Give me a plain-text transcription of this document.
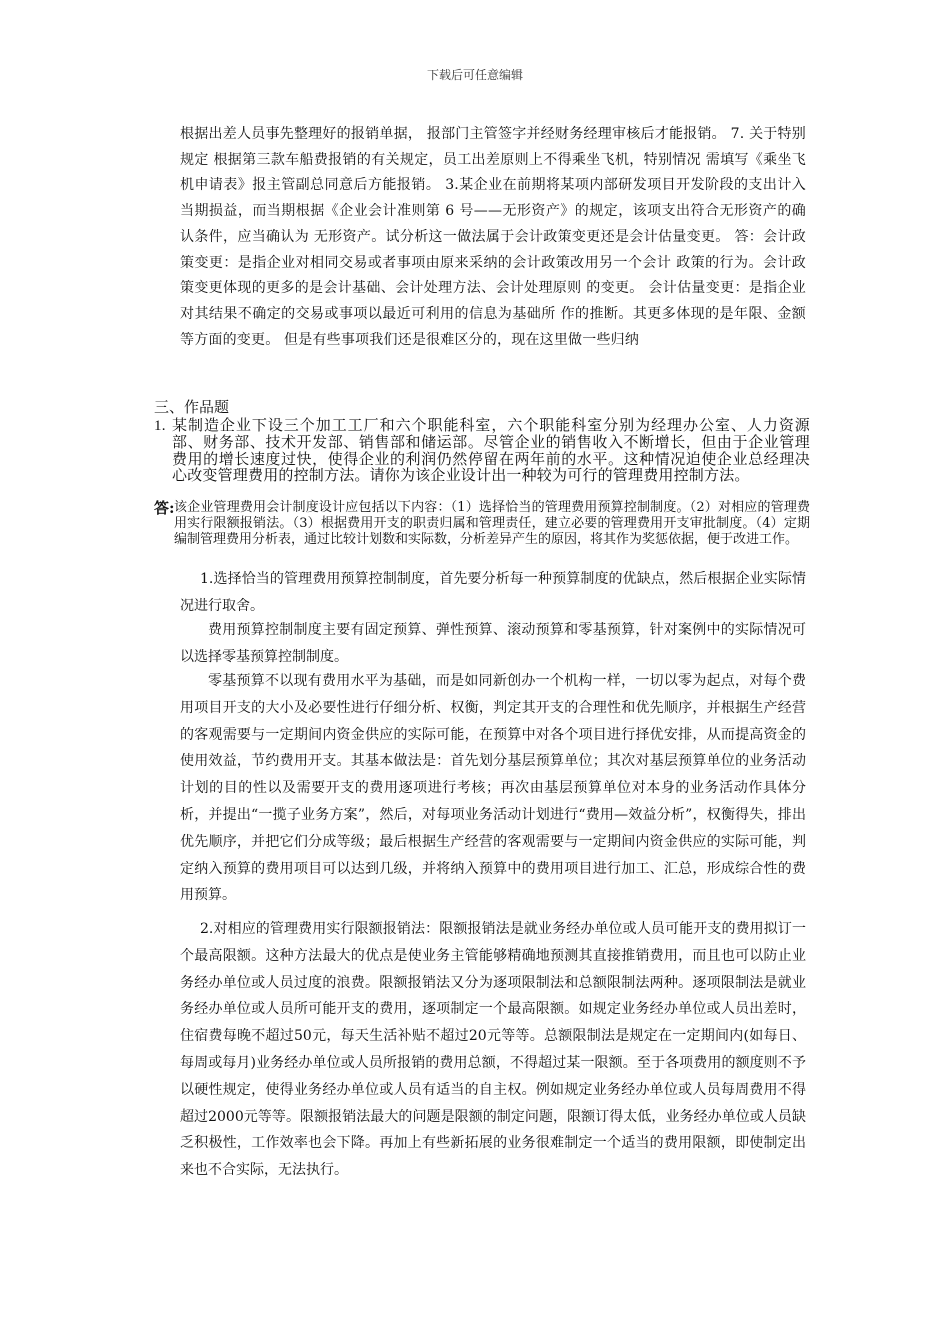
下载后可任意编辑

根据出差人员事先整理好的报销单据， 报部门主管签字并经财务经理审核后才能报销。 7. 关于特别规定 根据第三款车船费报销的有关规定，员工出差原则上不得乘坐飞机，特别情况 需填写《乘坐飞机申请表》报主管副总同意后方能报销。 3.某企业在前期将某项内部研发项目开发阶段的支出计入当期损益，而当期根据《企业会计准则第 6 号——无形资产》的规定，该项支出符合无形资产的确认条件，应当确认为 无形资产。试分析这一做法属于会计政策变更还是会计估量变更。 答：会计政策变更：是指企业对相同交易或者事项由原来采纳的会计政策改用另一个会计 政策的行为。会计政策变更体现的更多的是会计基础、会计处理方法、会计处理原则 的变更。 会计估量变更：是指企业对其结果不确定的交易或事项以最近可利用的信息为基础所 作的推断。其更多体现的是年限、金额等方面的变更。 但是有些事项我们还是很难区分的，现在这里做一些归纳

三、作品题
1. 某制造企业下设三个加工工厂和六个职能科室，六个职能科室分别为经理办公室、人力资源部、财务部、技术开发部、销售部和储运部。尽管企业的销售收入不断增长，但由于企业管理费用的增长速度过快，使得企业的利润仍然停留在两年前的水平。这种情况迫使企业总经理决心改变管理费用的控制方法。请你为该企业设计出一种较为可行的管理费用控制方法。
答: 该企业管理费用会计制度设计应包括以下内容：（1）选择恰当的管理费用预算控制制度。（2）对相应的管理费用实行限额报销法。（3）根据费用开支的职责归属和管理责任，建立必要的管理费用开支审批制度。（4）定期编制管理费用分析表，通过比较计划数和实际数，分析差异产生的原因，将其作为奖惩依据，便于改进工作。

1.选择恰当的管理费用预算控制制度，首先要分析每一种预算制度的优缺点，然后根据企业实际情况进行取舍。

费用预算控制制度主要有固定预算、弹性预算、滚动预算和零基预算，针对案例中的实际情况可以选择零基预算控制制度。

零基预算不以现有费用水平为基础，而是如同新创办一个机构一样，一切以零为起点，对每个费用项目开支的大小及必要性进行仔细分析、权衡，判定其开支的合理性和优先顺序，并根据生产经营的客观需要与一定期间内资金供应的实际可能，在预算中对各个项目进行择优安排，从而提高资金的使用效益，节约费用开支。其基本做法是：首先划分基层预算单位；其次对基层预算单位的业务活动计划的目的性以及需要开支的费用逐项进行考核；再次由基层预算单位对本身的业务活动作具体分析，并提出“一揽子业务方案”，然后，对每项业务活动计划进行“费用—效益分析”，权衡得失，排出优先顺序，并把它们分成等级；最后根据生产经营的客观需要与一定期间内资金供应的实际可能，判定纳入预算的费用项目可以达到几级，并将纳入预算中的费用项目进行加工、汇总，形成综合性的费用预算。

2.对相应的管理费用实行限额报销法：限额报销法是就业务经办单位或人员可能开支的费用拟订一个最高限额。这种方法最大的优点是使业务主管能够精确地预测其直接推销费用，而且也可以防止业务经办单位或人员过度的浪费。限额报销法又分为逐项限制法和总额限制法两种。逐项限制法是就业务经办单位或人员所可能开支的费用，逐项制定一个最高限额。如规定业务经办单位或人员出差时，住宿费每晚不超过50元，每天生活补贴不超过20元等等。总额限制法是规定在一定期间内(如每日、每周或每月)业务经办单位或人员所报销的费用总额，不得超过某一限额。至于各项费用的额度则不予以硬性规定，使得业务经办单位或人员有适当的自主权。例如规定业务经办单位或人员每周费用不得超过2000元等等。限额报销法最大的问题是限额的制定问题，限额订得太低，业务经办单位或人员缺乏积极性，工作效率也会下降。再加上有些新拓展的业务很难制定一个适当的费用限额，即使制定出来也不合实际，无法执行。
